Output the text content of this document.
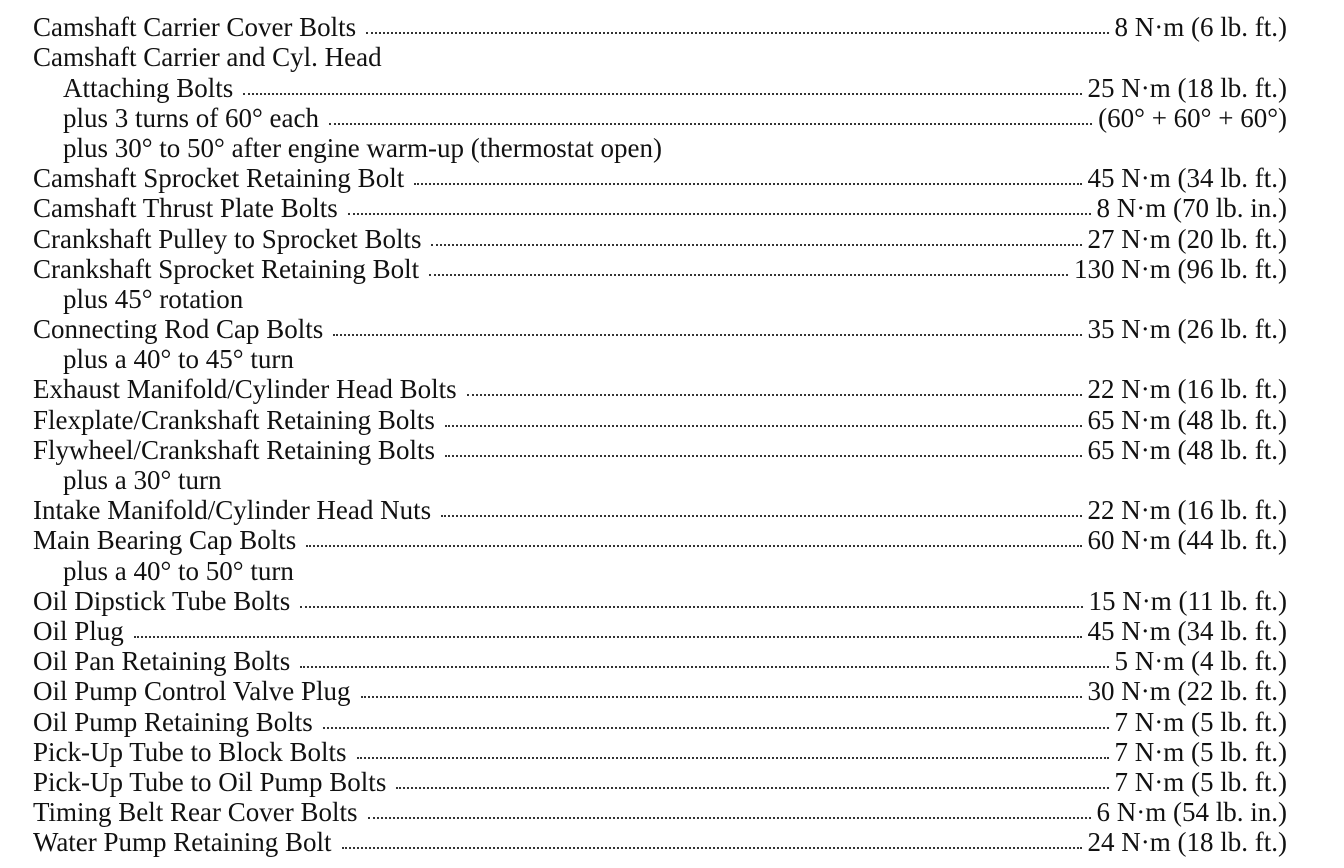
Camshaft Carrier Cover Bolts	8 N·m (6 lb. ft.)
Camshaft Carrier and Cyl. Head
Attaching Bolts	25 N·m (18 lb. ft.)
plus 3 turns of 60° each	(60° + 60° + 60°)
plus 30° to 50° after engine warm-up (thermostat open)
Camshaft Sprocket Retaining Bolt	45 N·m (34 lb. ft.)
Camshaft Thrust Plate Bolts	8 N·m (70 lb. in.)
Crankshaft Pulley to Sprocket Bolts	27 N·m (20 lb. ft.)
Crankshaft Sprocket Retaining Bolt	130 N·m (96 lb. ft.)
plus 45° rotation
Connecting Rod Cap Bolts	35 N·m (26 lb. ft.)
plus a 40° to 45° turn
Exhaust Manifold/Cylinder Head Bolts	22 N·m (16 lb. ft.)
Flexplate/Crankshaft Retaining Bolts	65 N·m (48 lb. ft.)
Flywheel/Crankshaft Retaining Bolts	65 N·m (48 lb. ft.)
plus a 30° turn
Intake Manifold/Cylinder Head Nuts	22 N·m (16 lb. ft.)
Main Bearing Cap Bolts	60 N·m (44 lb. ft.)
plus a 40° to 50° turn
Oil Dipstick Tube Bolts	15 N·m (11 lb. ft.)
Oil Plug	45 N·m (34 lb. ft.)
Oil Pan Retaining Bolts	5 N·m (4 lb. ft.)
Oil Pump Control Valve Plug	30 N·m (22 lb. ft.)
Oil Pump Retaining Bolts	7 N·m (5 lb. ft.)
Pick-Up Tube to Block Bolts	7 N·m (5 lb. ft.)
Pick-Up Tube to Oil Pump Bolts	7 N·m (5 lb. ft.)
Timing Belt Rear Cover Bolts	6 N·m (54 lb. in.)
Water Pump Retaining Bolt	24 N·m (18 lb. ft.)
